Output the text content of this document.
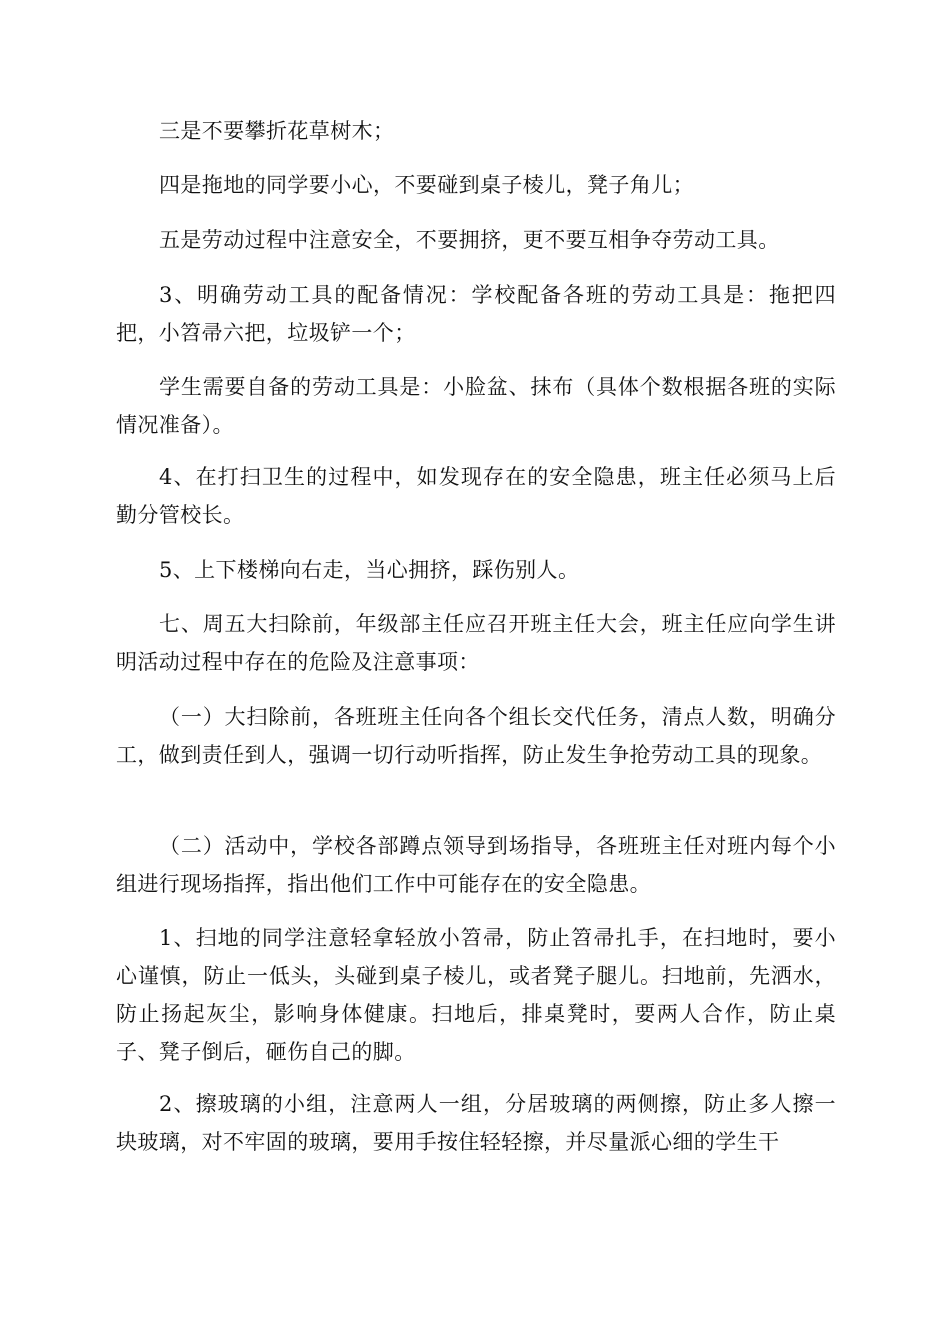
三是不要攀折花草树木；

四是拖地的同学要小心，不要碰到桌子棱儿，凳子角儿；

五是劳动过程中注意安全，不要拥挤，更不要互相争夺劳动工具。

3、明确劳动工具的配备情况：学校配备各班的劳动工具是：拖把四把，小笤帚六把，垃圾铲一个；

学生需要自备的劳动工具是：小脸盆、抹布（具体个数根据各班的实际情况准备）。

4、在打扫卫生的过程中，如发现存在的安全隐患，班主任必须马上后勤分管校长。

5、上下楼梯向右走，当心拥挤，踩伤别人。

七、周五大扫除前，年级部主任应召开班主任大会，班主任应向学生讲明活动过程中存在的危险及注意事项：

（一）大扫除前，各班班主任向各个组长交代任务，清点人数，明确分工，做到责任到人，强调一切行动听指挥，防止发生争抢劳动工具的现象。

（二）活动中，学校各部蹲点领导到场指导，各班班主任对班内每个小组进行现场指挥，指出他们工作中可能存在的安全隐患。

1、扫地的同学注意轻拿轻放小笤帚，防止笤帚扎手，在扫地时，要小心谨慎，防止一低头，头碰到桌子棱儿，或者凳子腿儿。扫地前，先洒水，防止扬起灰尘，影响身体健康。扫地后，排桌凳时，要两人合作，防止桌子、凳子倒后，砸伤自己的脚。

2、擦玻璃的小组，注意两人一组，分居玻璃的两侧擦，防止多人擦一块玻璃，对不牢固的玻璃，要用手按住轻轻擦，并尽量派心细的学生干
